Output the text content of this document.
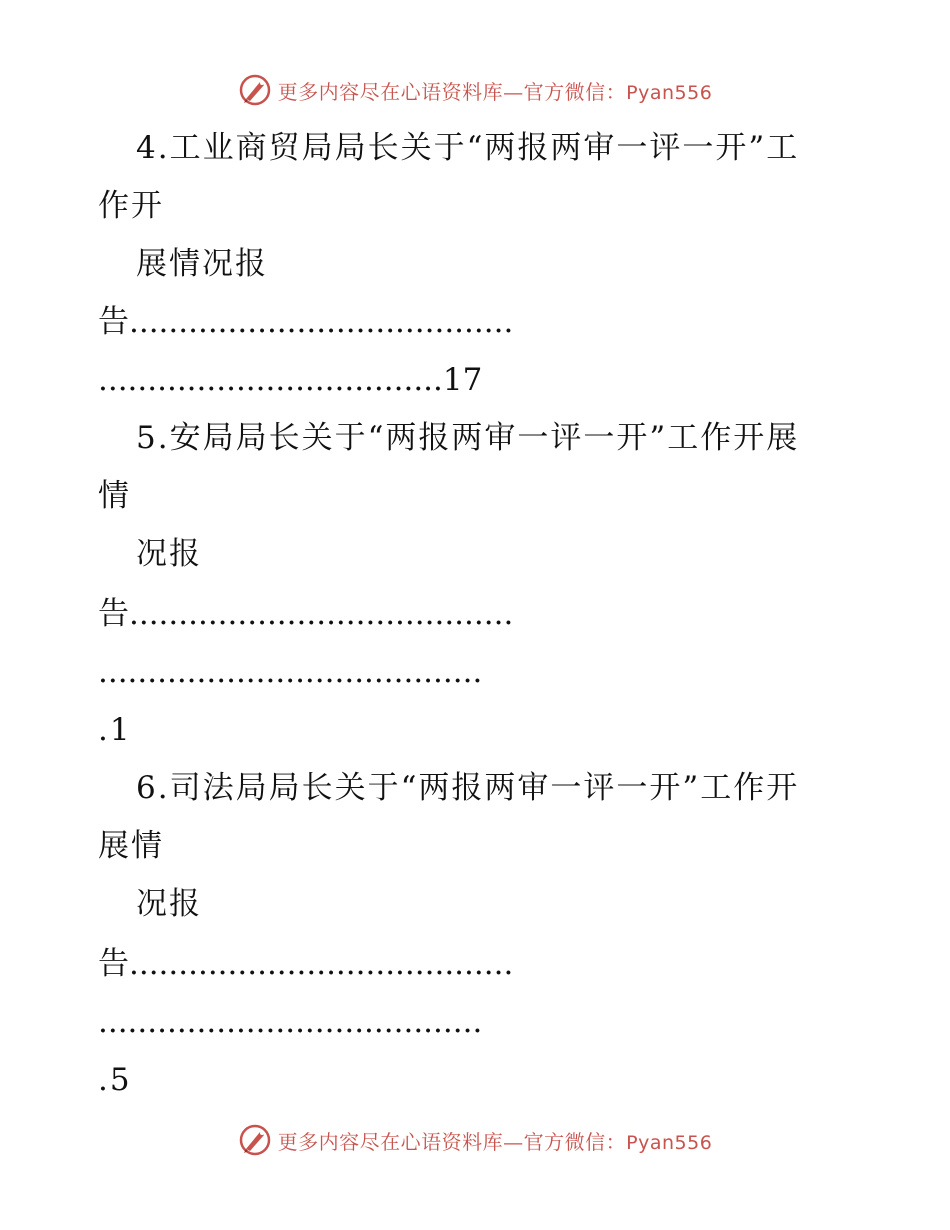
更多内容尽在心语资料库—官方微信：Pyan556
4.工业商贸局局长关于“两报两审一评一开”工
作开
展情况报
告.......................................
...................................17
5.安局局长关于“两报两审一评一开”工作开展
情
况报
告.......................................
.......................................
.1
6.司法局局长关于“两报两审一评一开”工作开
展情
况报
告.......................................
.......................................
.5
更多内容尽在心语资料库—官方微信：Pyan556
